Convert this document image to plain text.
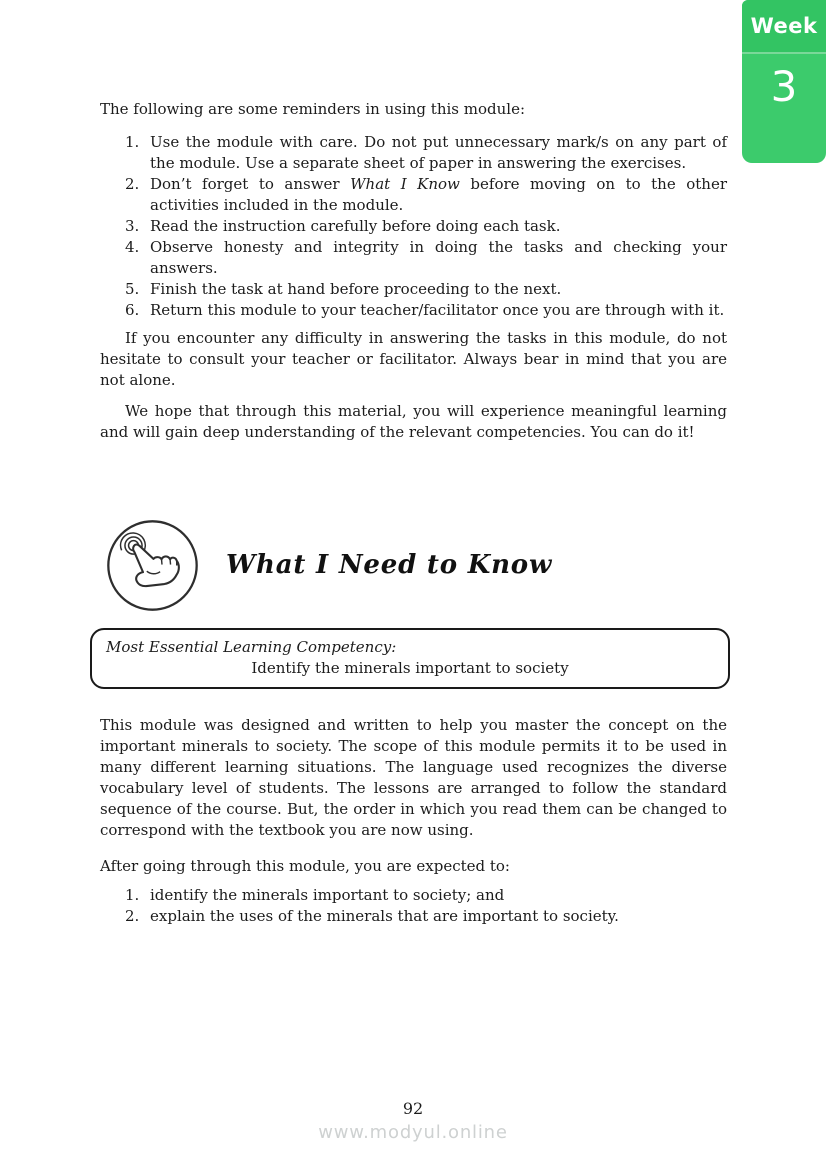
Week
3

The following are some reminders in using this module:

1. Use the module with care. Do not put unnecessary mark/s on any part of the module. Use a separate sheet of paper in answering the exercises.
2. Don’t forget to answer What I Know before moving on to the other activities included in the module.
3. Read the instruction carefully before doing each task.
4. Observe honesty and integrity in doing the tasks and checking your answers.
5. Finish the task at hand before proceeding to the next.
6. Return this module to your teacher/facilitator once you are through with it.

If you encounter any difficulty in answering the tasks in this module, do not hesitate to consult your teacher or facilitator. Always bear in mind that you are not alone.

We hope that through this material, you will experience meaningful learning and will gain deep understanding of the relevant competencies. You can do it!

What I Need to Know
Most Essential Learning Competency:
Identify the minerals important to society

This module was designed and written to help you master the concept on the important minerals to society. The scope of this module permits it to be used in many different learning situations. The language used recognizes the diverse vocabulary level of students. The lessons are arranged to follow the standard sequence of the course. But, the order in which you read them can be changed to correspond with the textbook you are now using.

After going through this module, you are expected to:

1. identify the minerals important to society; and
2. explain the uses of the minerals that are important to society.
92
www.modyul.online
